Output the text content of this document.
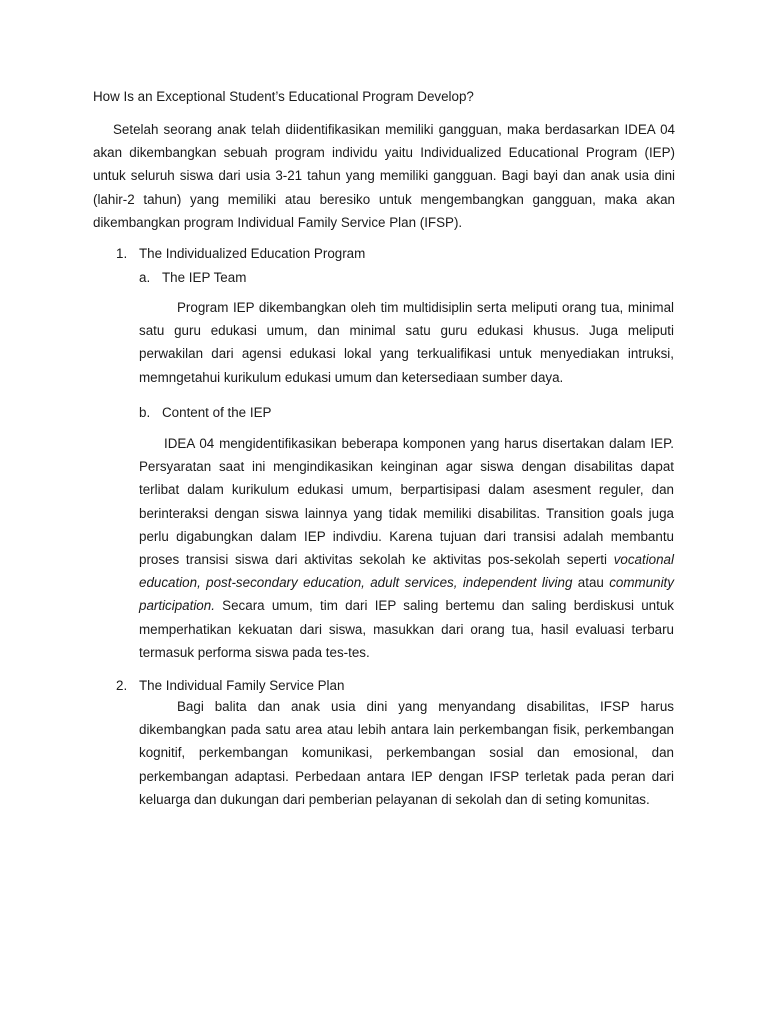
How Is an Exceptional Student’s Educational Program Develop?

Setelah seorang anak telah diidentifikasikan memiliki gangguan, maka berdasarkan IDEA 04 akan dikembangkan sebuah program individu yaitu Individualized Educational Program (IEP) untuk seluruh siswa dari usia 3-21 tahun yang memiliki gangguan. Bagi bayi dan anak usia dini (lahir-2 tahun) yang memiliki atau beresiko untuk mengembangkan gangguan, maka akan dikembangkan program Individual Family Service Plan (IFSP).

1. The Individualized Education Program
a. The IEP Team

Program IEP dikembangkan oleh tim multidisiplin serta meliputi orang tua, minimal satu guru edukasi umum, dan minimal satu guru edukasi khusus. Juga meliputi perwakilan dari agensi edukasi lokal yang terkualifikasi untuk menyediakan intruksi, memngetahui kurikulum edukasi umum dan ketersediaan sumber daya.

b. Content of the IEP

IDEA 04 mengidentifikasikan beberapa komponen yang harus disertakan dalam IEP. Persyaratan saat ini mengindikasikan keinginan agar siswa dengan disabilitas dapat terlibat dalam kurikulum edukasi umum, berpartisipasi dalam asesment reguler, dan berinteraksi dengan siswa lainnya yang tidak memiliki disabilitas. Transition goals juga perlu digabungkan dalam IEP indivdiu. Karena tujuan dari transisi adalah membantu proses transisi siswa dari aktivitas sekolah ke aktivitas pos-sekolah seperti vocational education, post-secondary education, adult services, independent living atau community participation. Secara umum, tim dari IEP saling bertemu dan saling berdiskusi untuk memperhatikan kekuatan dari siswa, masukkan dari orang tua, hasil evaluasi terbaru termasuk performa siswa pada tes-tes.

2. The Individual Family Service Plan

Bagi balita dan anak usia dini yang menyandang disabilitas, IFSP harus dikembangkan pada satu area atau lebih antara lain perkembangan fisik, perkembangan kognitif, perkembangan komunikasi, perkembangan sosial dan emosional, dan perkembangan adaptasi. Perbedaan antara IEP dengan IFSP terletak pada peran dari keluarga dan dukungan dari pemberian pelayanan di sekolah dan di seting komunitas.
